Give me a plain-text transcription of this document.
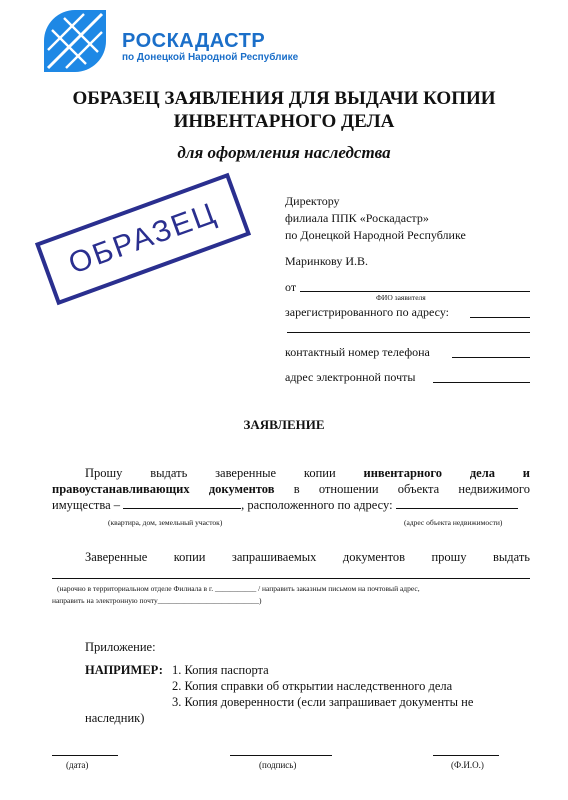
РОСКАДАСТР
по Донецкой Народной Республике
ОБРАЗЕЦ ЗАЯВЛЕНИЯ ДЛЯ ВЫДАЧИ КОПИИ
ИНВЕНТАРНОГО ДЕЛА
для оформления наследства
ОБРАЗЕЦ	Директору
филиала ППК «Роскадастр»
по Донецкой Народной Республике
Маринкову И.В.
от
ФИО заявителя
зарегистрированного по адресу:
контактный номер телефона
адрес электронной почты
ЗАЯВЛЕНИЕ
Прошу выдать заверенные копии инвентарного дела и
правоустанавливающих документов в отношении объекта недвижимого
имущества –	, расположенного по адресу:
(квартира, дом, земельный участок)	(адрес объекта недвижимости)
Заверенные копии запрашиваемых документов прошу выдать
(нарочно в территориальном отделе Филиала в г. ___________ / направить заказным письмом на почтовый адрес,
направить на электронную почту___________________________)
Приложение:
НАПРИМЕР: 1. Копия паспорта
2. Копия справки об открытии наследственного дела
3. Копия доверенности (если запрашивает документы не
наследник)
(дата)	(подпись)	(Ф.И.О.)
